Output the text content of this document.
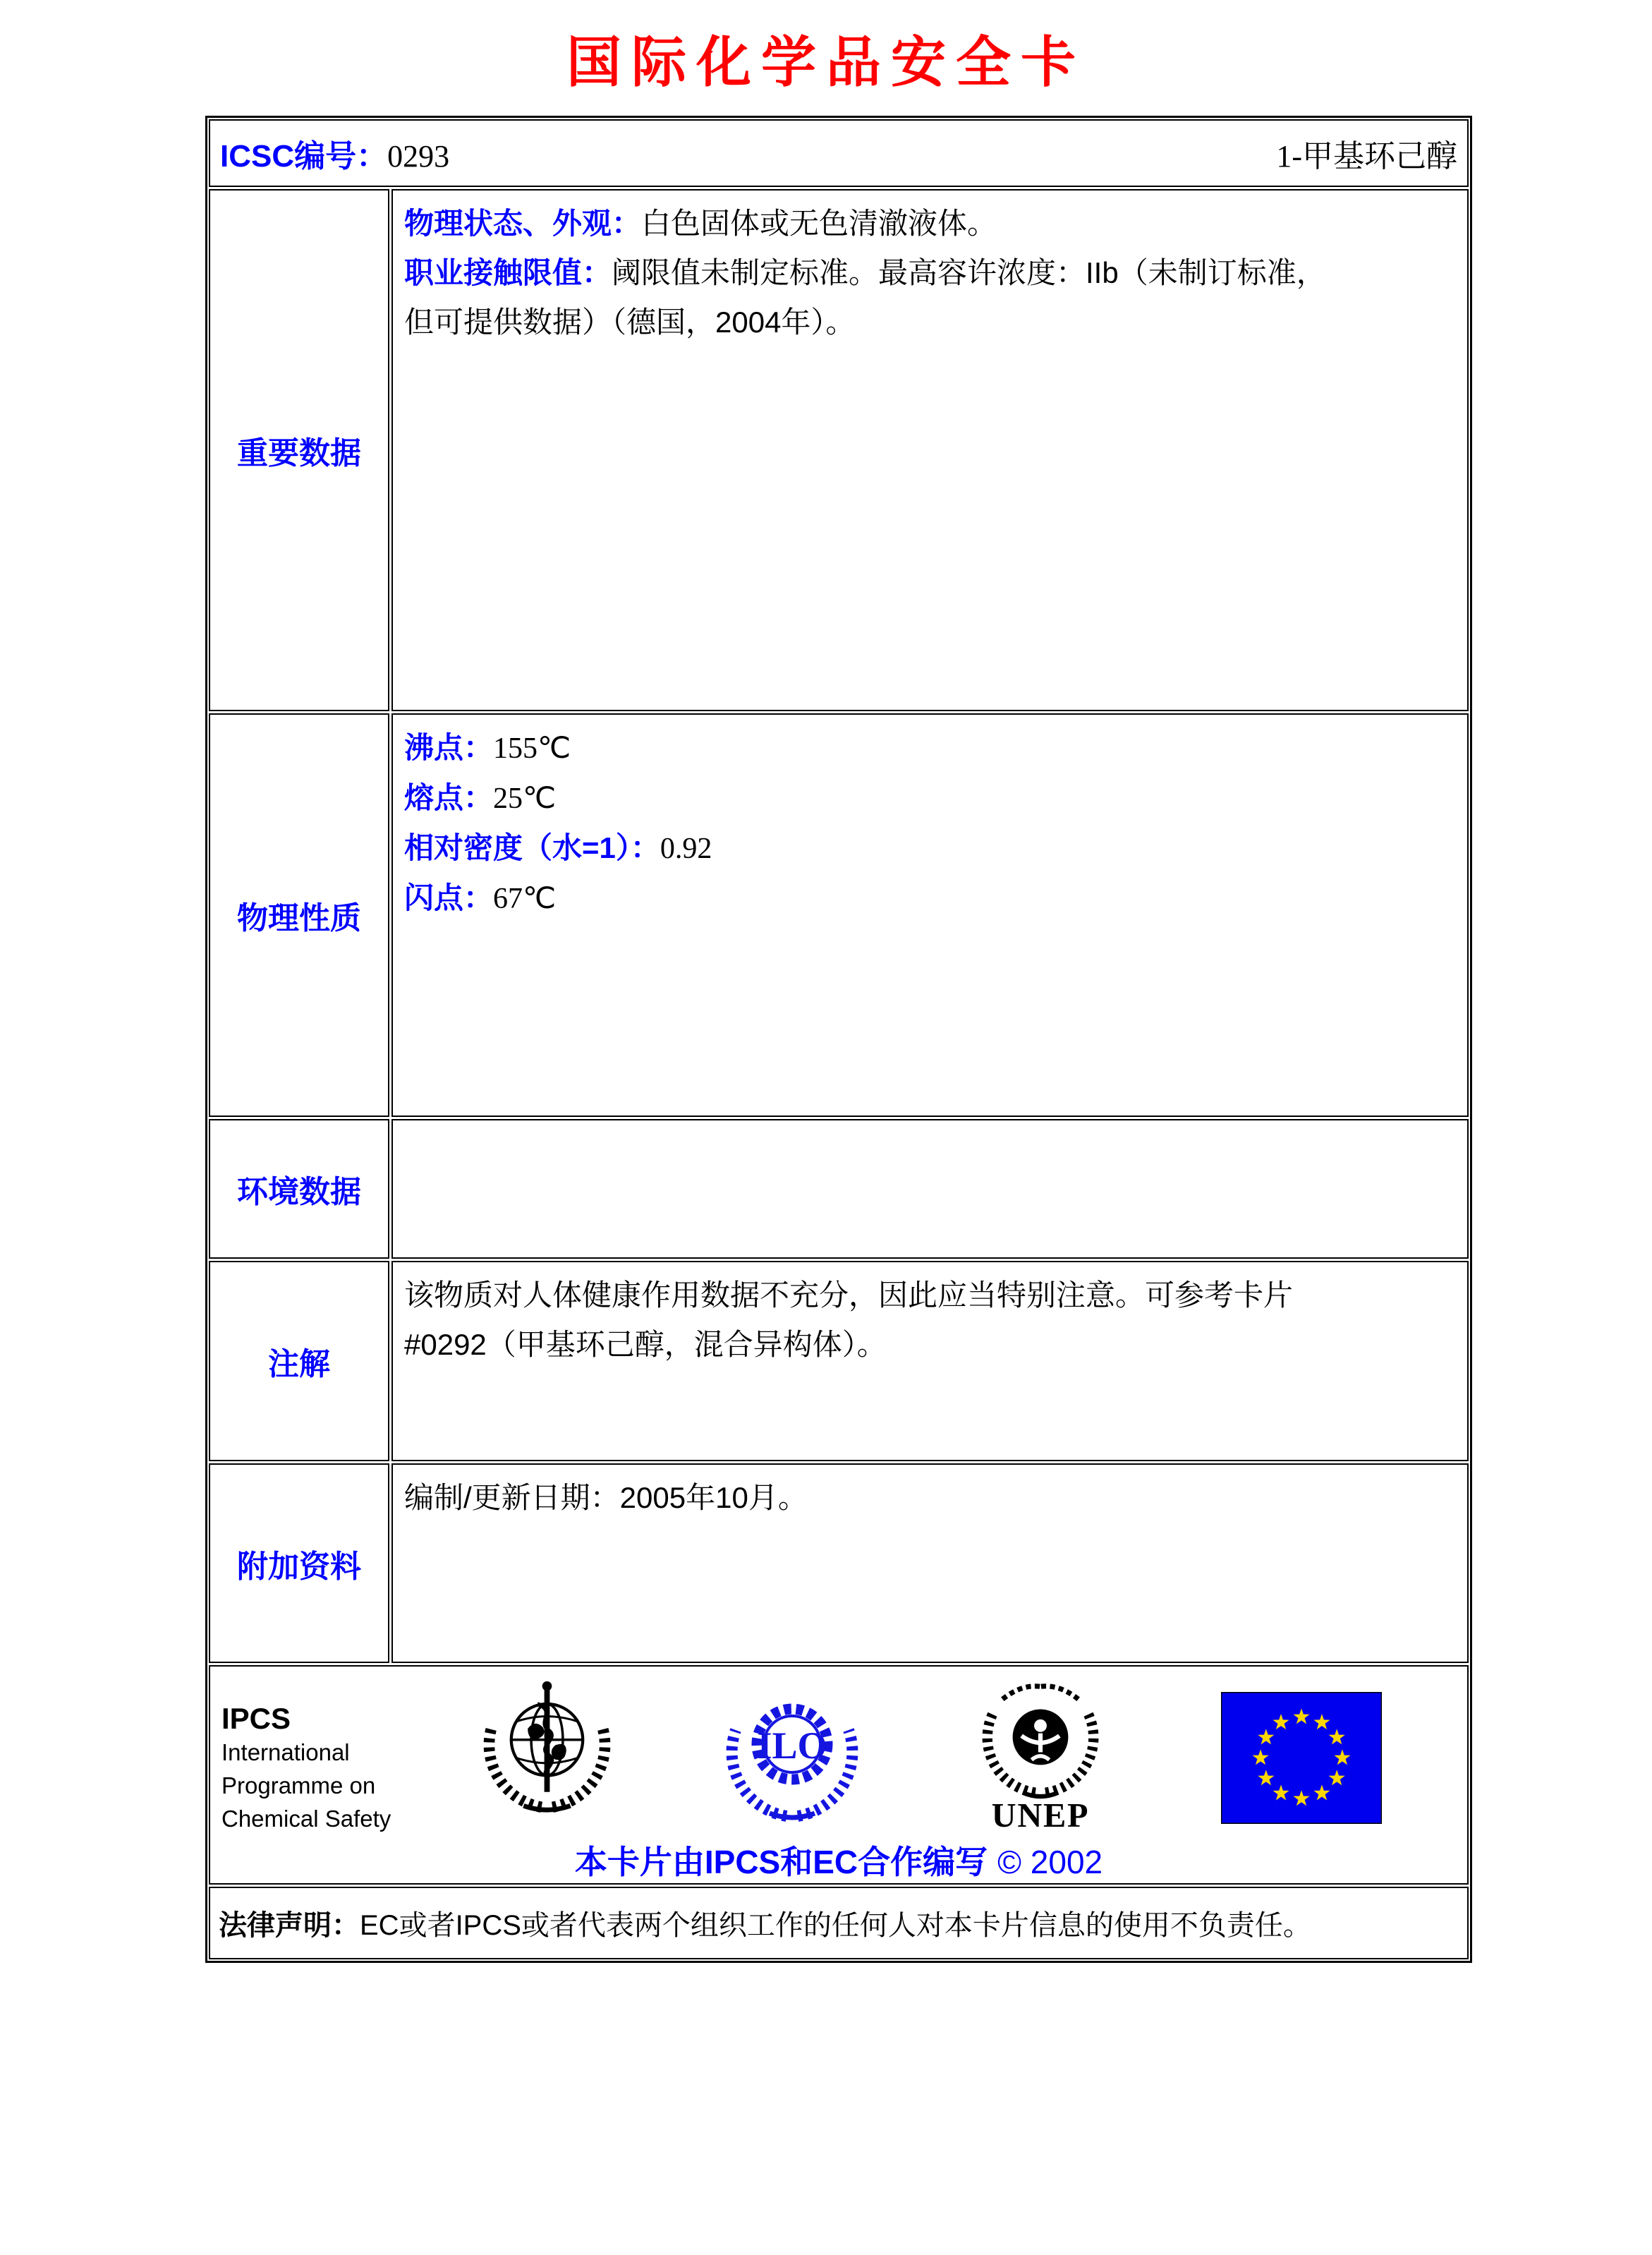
国际化学品安全卡
ICSC编号：0293	1-甲基环己醇
重要数据
物理状态、外观：白色固体或无色清澈液体。
职业接触限值：阈限值未制定标准。最高容许浓度：IIb（未制订标准，
但可提供数据）（德国，2004年）。
物理性质
沸点：155℃
熔点：25℃
相对密度（水=1）：0.92
闪点：67℃
环境数据
注解
该物质对人体健康作用数据不充分，因此应当特别注意。可参考卡片
#0292（甲基环己醇，混合异构体）。
附加资料
编制/更新日期：2005年10月。
IPCS
International
Programme on
Chemical Safety
ILO
UNEP
本卡片由IPCS和EC合作编写 © 2002
法律声明：EC或者IPCS或者代表两个组织工作的任何人对本卡片信息的使用不负责任。
